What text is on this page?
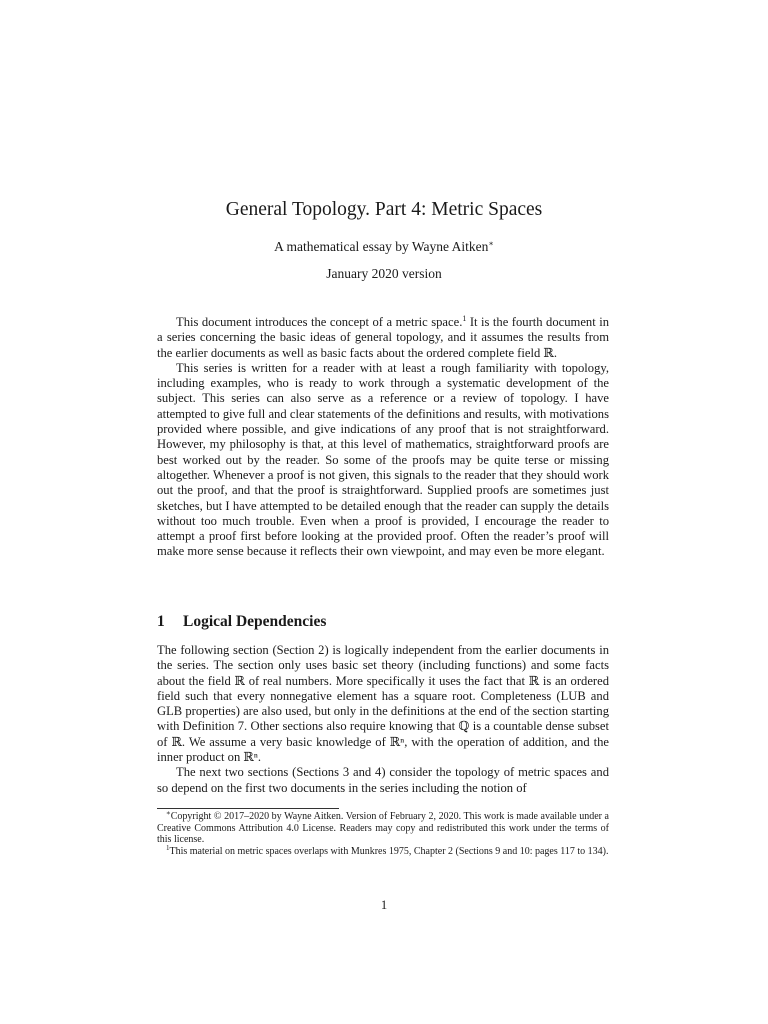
General Topology. Part 4: Metric Spaces
A mathematical essay by Wayne Aitken∗
January 2020 version

This document introduces the concept of a metric space.$^1$ It is the fourth document in a series concerning the basic ideas of general topology, and it assumes the results from the earlier documents as well as basic facts about the ordered complete field ℝ.

This series is written for a reader with at least a rough familiarity with topology, including examples, who is ready to work through a systematic development of the subject. This series can also serve as a reference or a review of topology. I have attempted to give full and clear statements of the definitions and results, with motivations provided where possible, and give indications of any proof that is not straightforward. However, my philosophy is that, at this level of mathematics, straightforward proofs are best worked out by the reader. So some of the proofs may be quite terse or missing altogether. Whenever a proof is not given, this signals to the reader that they should work out the proof, and that the proof is straightforward. Supplied proofs are sometimes just sketches, but I have attempted to be detailed enough that the reader can supply the details without too much trouble. Even when a proof is provided, I encourage the reader to attempt a proof first before looking at the provided proof. Often the reader’s proof will make more sense because it reflects their own viewpoint, and may even be more elegant.

1 Logical Dependencies

The following section (Section 2) is logically independent from the earlier documents in the series. The section only uses basic set theory (including functions) and some facts about the field ℝ of real numbers. More specifically it uses the fact that ℝ is an ordered field such that every nonnegative element has a square root. Completeness (LUB and GLB properties) are also used, but only in the definitions at the end of the section starting with Definition 7. Other sections also require knowing that ℚ is a countable dense subset of ℝ. We assume a very basic knowledge of ℝⁿ, with the operation of addition, and the inner product on ℝⁿ.

The next two sections (Sections 3 and 4) consider the topology of metric spaces and so depend on the first two documents in the series including the notion of

∗Copyright © 2017–2020 by Wayne Aitken. Version of February 2, 2020. This work is made available under a Creative Commons Attribution 4.0 License. Readers may copy and redistributed this work under the terms of this license.

$^1$This material on metric spaces overlaps with Munkres 1975, Chapter 2 (Sections 9 and 10: pages 117 to 134).

1
